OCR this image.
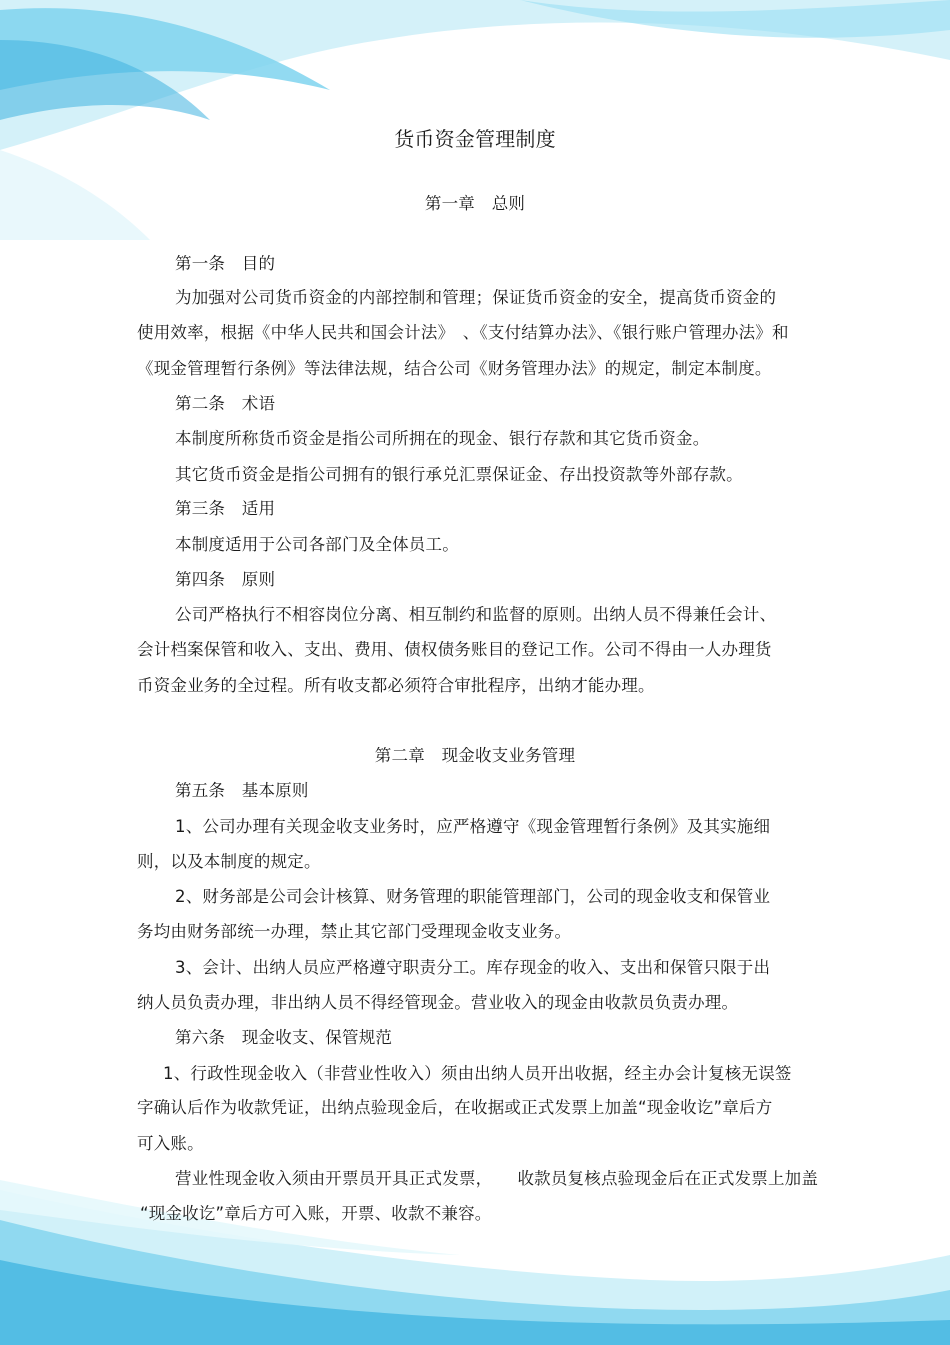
货币资金管理制度
第一章　总则
第一条　目的
为加强对公司货币资金的内部控制和管理；保证货币资金的安全，提高货币资金的
使用效率，根据《中华人民共和国会计法》　、《支付结算办法》、《银行账户管理办法》和
《现金管理暂行条例》等法律法规，结合公司《财务管理办法》的规定，制定本制度。
第二条　术语
本制度所称货币资金是指公司所拥在的现金、银行存款和其它货币资金。
其它货币资金是指公司拥有的银行承兑汇票保证金、存出投资款等外部存款。
第三条　适用
本制度适用于公司各部门及全体员工。
第四条　原则
公司严格执行不相容岗位分离、相互制约和监督的原则。出纳人员不得兼任会计、
会计档案保管和收入、支出、费用、债权债务账目的登记工作。公司不得由一人办理货
币资金业务的全过程。所有收支都必须符合审批程序，出纳才能办理。
第二章　现金收支业务管理
第五条　基本原则
1、公司办理有关现金收支业务时，应严格遵守《现金管理暂行条例》及其实施细
则，以及本制度的规定。
2、财务部是公司会计核算、财务管理的职能管理部门，公司的现金收支和保管业
务均由财务部统一办理，禁止其它部门受理现金收支业务。
3、会计、出纳人员应严格遵守职责分工。库存现金的收入、支出和保管只限于出
纳人员负责办理，非出纳人员不得经管现金。营业收入的现金由收款员负责办理。
第六条　现金收支、保管规范
1、行政性现金收入（非营业性收入）须由出纳人员开出收据，经主办会计复核无误签
字确认后作为收款凭证，出纳点验现金后，在收据或正式发票上加盖“现金收讫”章后方
可入账。
营业性现金收入须由开票员开具正式发票，　　收款员复核点验现金后在正式发票上加盖
“现金收讫”章后方可入账，开票、收款不兼容。
